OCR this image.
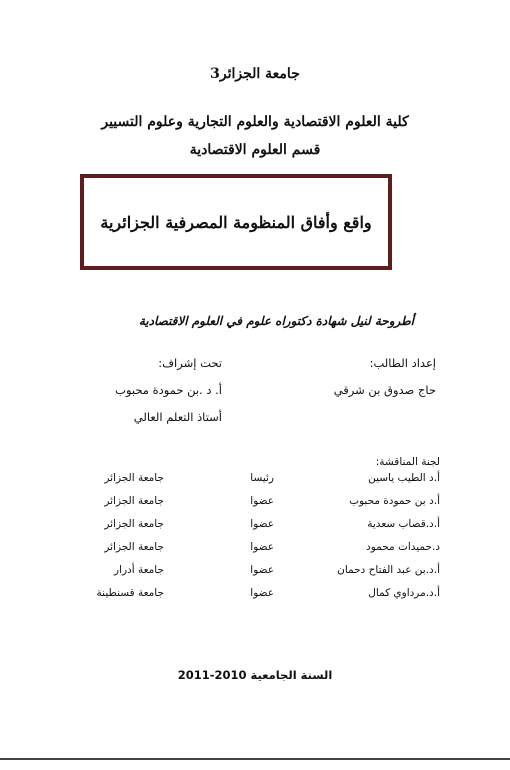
جامعة الجزائر3
كلية العلوم الاقتصادية والعلوم التجارية وعلوم التسيير
قسم العلوم الاقتصادية
واقع وأفاق المنظومة المصرفية الجزائرية
أطروحة لنيل شهادة دكتوراه علوم في العلوم الاقتصادية
إعداد الطالب:
حاج صدوق بن شرقي
تحت إشراف:
أ. د .بن حمودة محبوب
أستاذ التعلم العالي
لجنة المناقشة:
أ.د الطيب ياسين
رئيسا
جامعة الجزائر
أ.د بن حمودة محبوب
عضوا
جامعة الجزائر
أ.د.قصاب سعدية
عضوا
جامعة الجزائر
د.حميدات محمود
عضوا
جامعة الجزائر
أ.د.بن عبد الفتاح دحمان
عضوا
جامعة أدرار
أ.د.مرداوي كمال
عضوا
جامعة قسنطينة
السنة الجامعية 2010-2011
